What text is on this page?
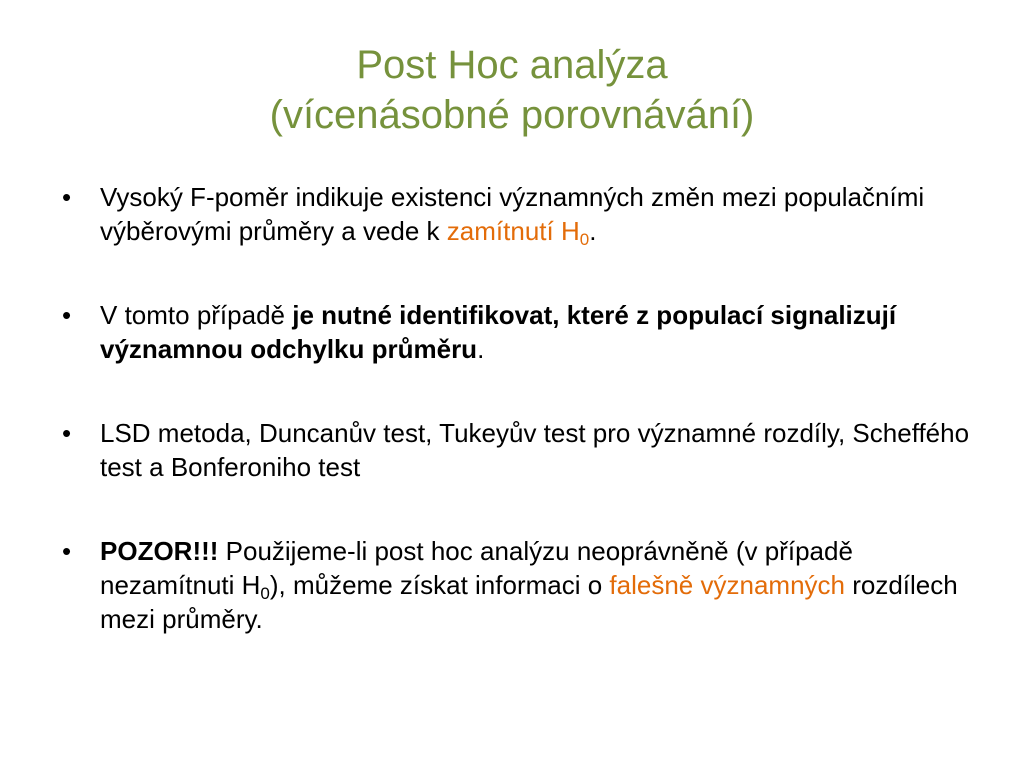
Post Hoc analýza
(vícenásobné porovnávání)
• Vysoký F-poměr indikuje existenci významných změn mezi populačními výběrovými průměry a vede k zamítnutí $H_0$.
• V tomto případě je nutné identifikovat, které z populací signalizují významnou odchylku průměru.
• LSD metoda, Duncanův test, Tukeyův test pro významné rozdíly, Schefféhо test a Bonferoniho test
• POZOR!!! Použijeme-li post hoc analýzu neoprávněně (v případě nezamítnuti $H_0$), můžeme získat informaci o falešně významných rozdílech mezi průměry.
